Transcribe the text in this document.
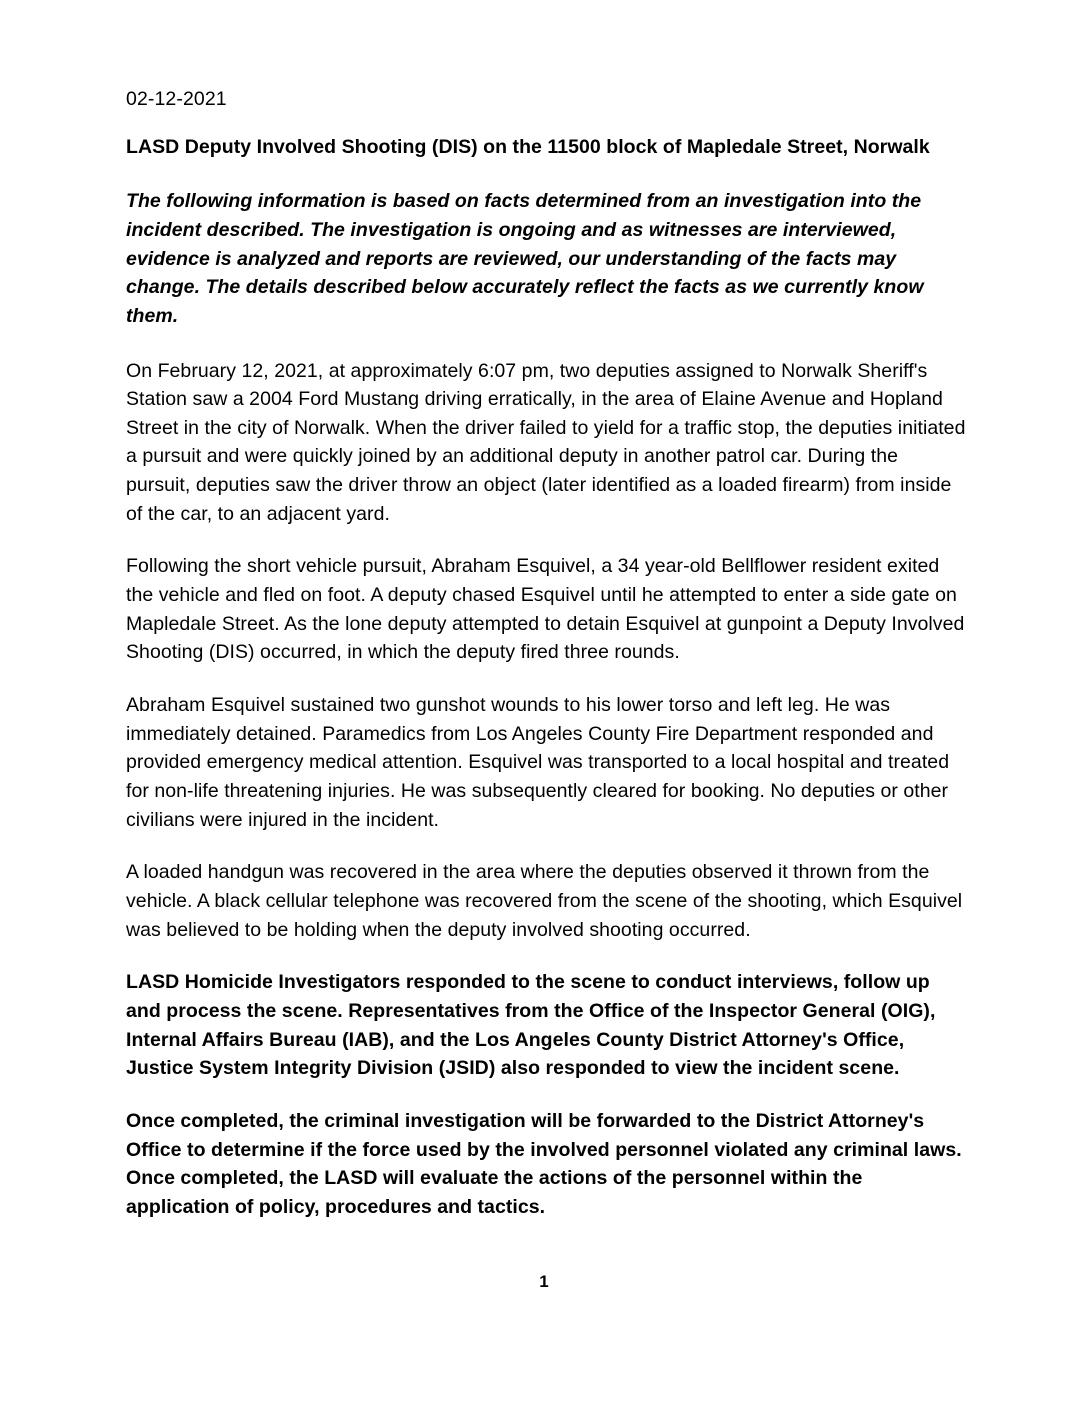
02-12-2021
LASD Deputy Involved Shooting (DIS) on the 11500 block of Mapledale Street, Norwalk
The following information is based on facts determined from an investigation into the incident described. The investigation is ongoing and as witnesses are interviewed, evidence is analyzed and reports are reviewed, our understanding of the facts may change. The details described below accurately reflect the facts as we currently know them.
On February 12, 2021, at approximately 6:07 pm, two deputies assigned to Norwalk Sheriff's Station saw a 2004 Ford Mustang driving erratically, in the area of Elaine Avenue and Hopland Street in the city of Norwalk. When the driver failed to yield for a traffic stop, the deputies initiated a pursuit and were quickly joined by an additional deputy in another patrol car. During the pursuit, deputies saw the driver throw an object (later identified as a loaded firearm) from inside of the car, to an adjacent yard.
Following the short vehicle pursuit, Abraham Esquivel, a 34 year-old Bellflower resident exited the vehicle and fled on foot. A deputy chased Esquivel until he attempted to enter a side gate on Mapledale Street. As the lone deputy attempted to detain Esquivel at gunpoint a Deputy Involved Shooting (DIS) occurred, in which the deputy fired three rounds.
Abraham Esquivel sustained two gunshot wounds to his lower torso and left leg. He was immediately detained. Paramedics from Los Angeles County Fire Department responded and provided emergency medical attention. Esquivel was transported to a local hospital and treated for non-life threatening injuries. He was subsequently cleared for booking. No deputies or other civilians were injured in the incident.
A loaded handgun was recovered in the area where the deputies observed it thrown from the vehicle. A black cellular telephone was recovered from the scene of the shooting, which Esquivel was believed to be holding when the deputy involved shooting occurred.
LASD Homicide Investigators responded to the scene to conduct interviews, follow up and process the scene. Representatives from the Office of the Inspector General (OIG), Internal Affairs Bureau (IAB), and the Los Angeles County District Attorney's Office, Justice System Integrity Division (JSID) also responded to view the incident scene.
Once completed, the criminal investigation will be forwarded to the District Attorney's Office to determine if the force used by the involved personnel violated any criminal laws. Once completed, the LASD will evaluate the actions of the personnel within the application of policy, procedures and tactics.
1
